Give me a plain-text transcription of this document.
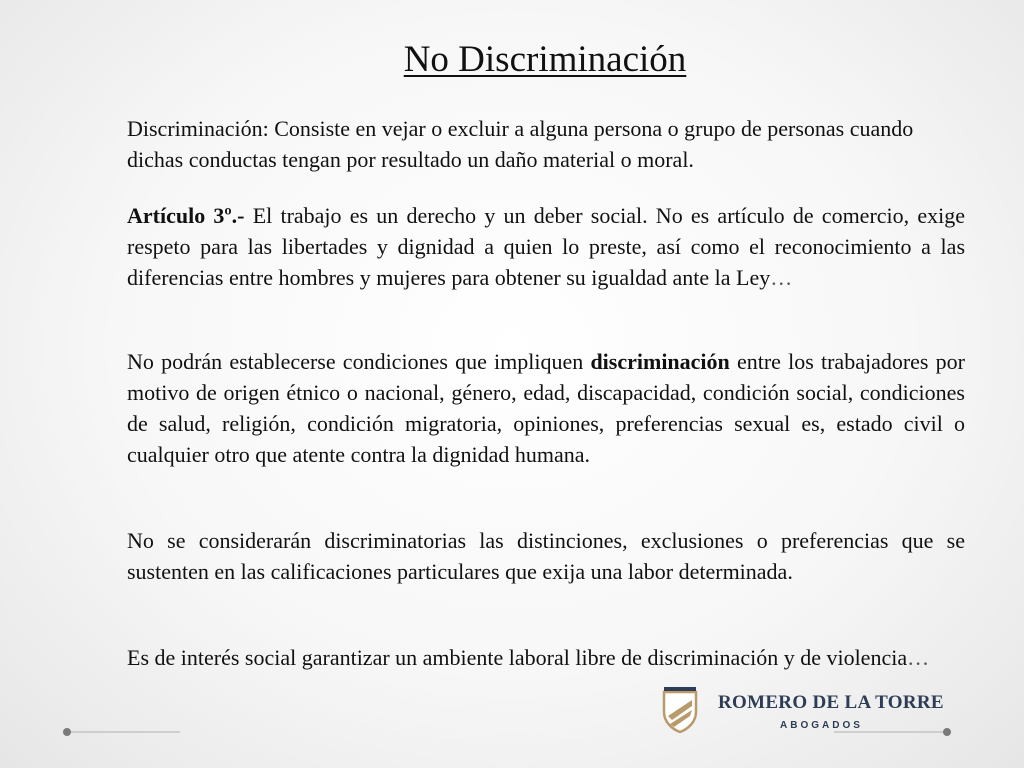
No Discriminación

Discriminación: Consiste en vejar o excluir a alguna persona o grupo de personas cuando dichas conductas tengan por resultado un daño material o moral.

Artículo 3º.- El trabajo es un derecho y un deber social. No es artículo de comercio, exige respeto para las libertades y dignidad a quien lo preste, así como el reconocimiento a las diferencias entre hombres y mujeres para obtener su igualdad ante la Ley…

No podrán establecerse condiciones que impliquen discriminación entre los trabajadores por motivo de origen étnico o nacional, género, edad, discapacidad, condición social, condiciones de salud, religión, condición migratoria, opiniones, preferencias sexual es, estado civil o cualquier otro que atente contra la dignidad humana.

No se considerarán discriminatorias las distinciones, exclusiones o preferencias que se sustenten en las calificaciones particulares que exija una labor determinada.

Es de interés social garantizar un ambiente laboral libre de discriminación y de violencia…

ROMERO DE LA TORRE
ABOGADOS
